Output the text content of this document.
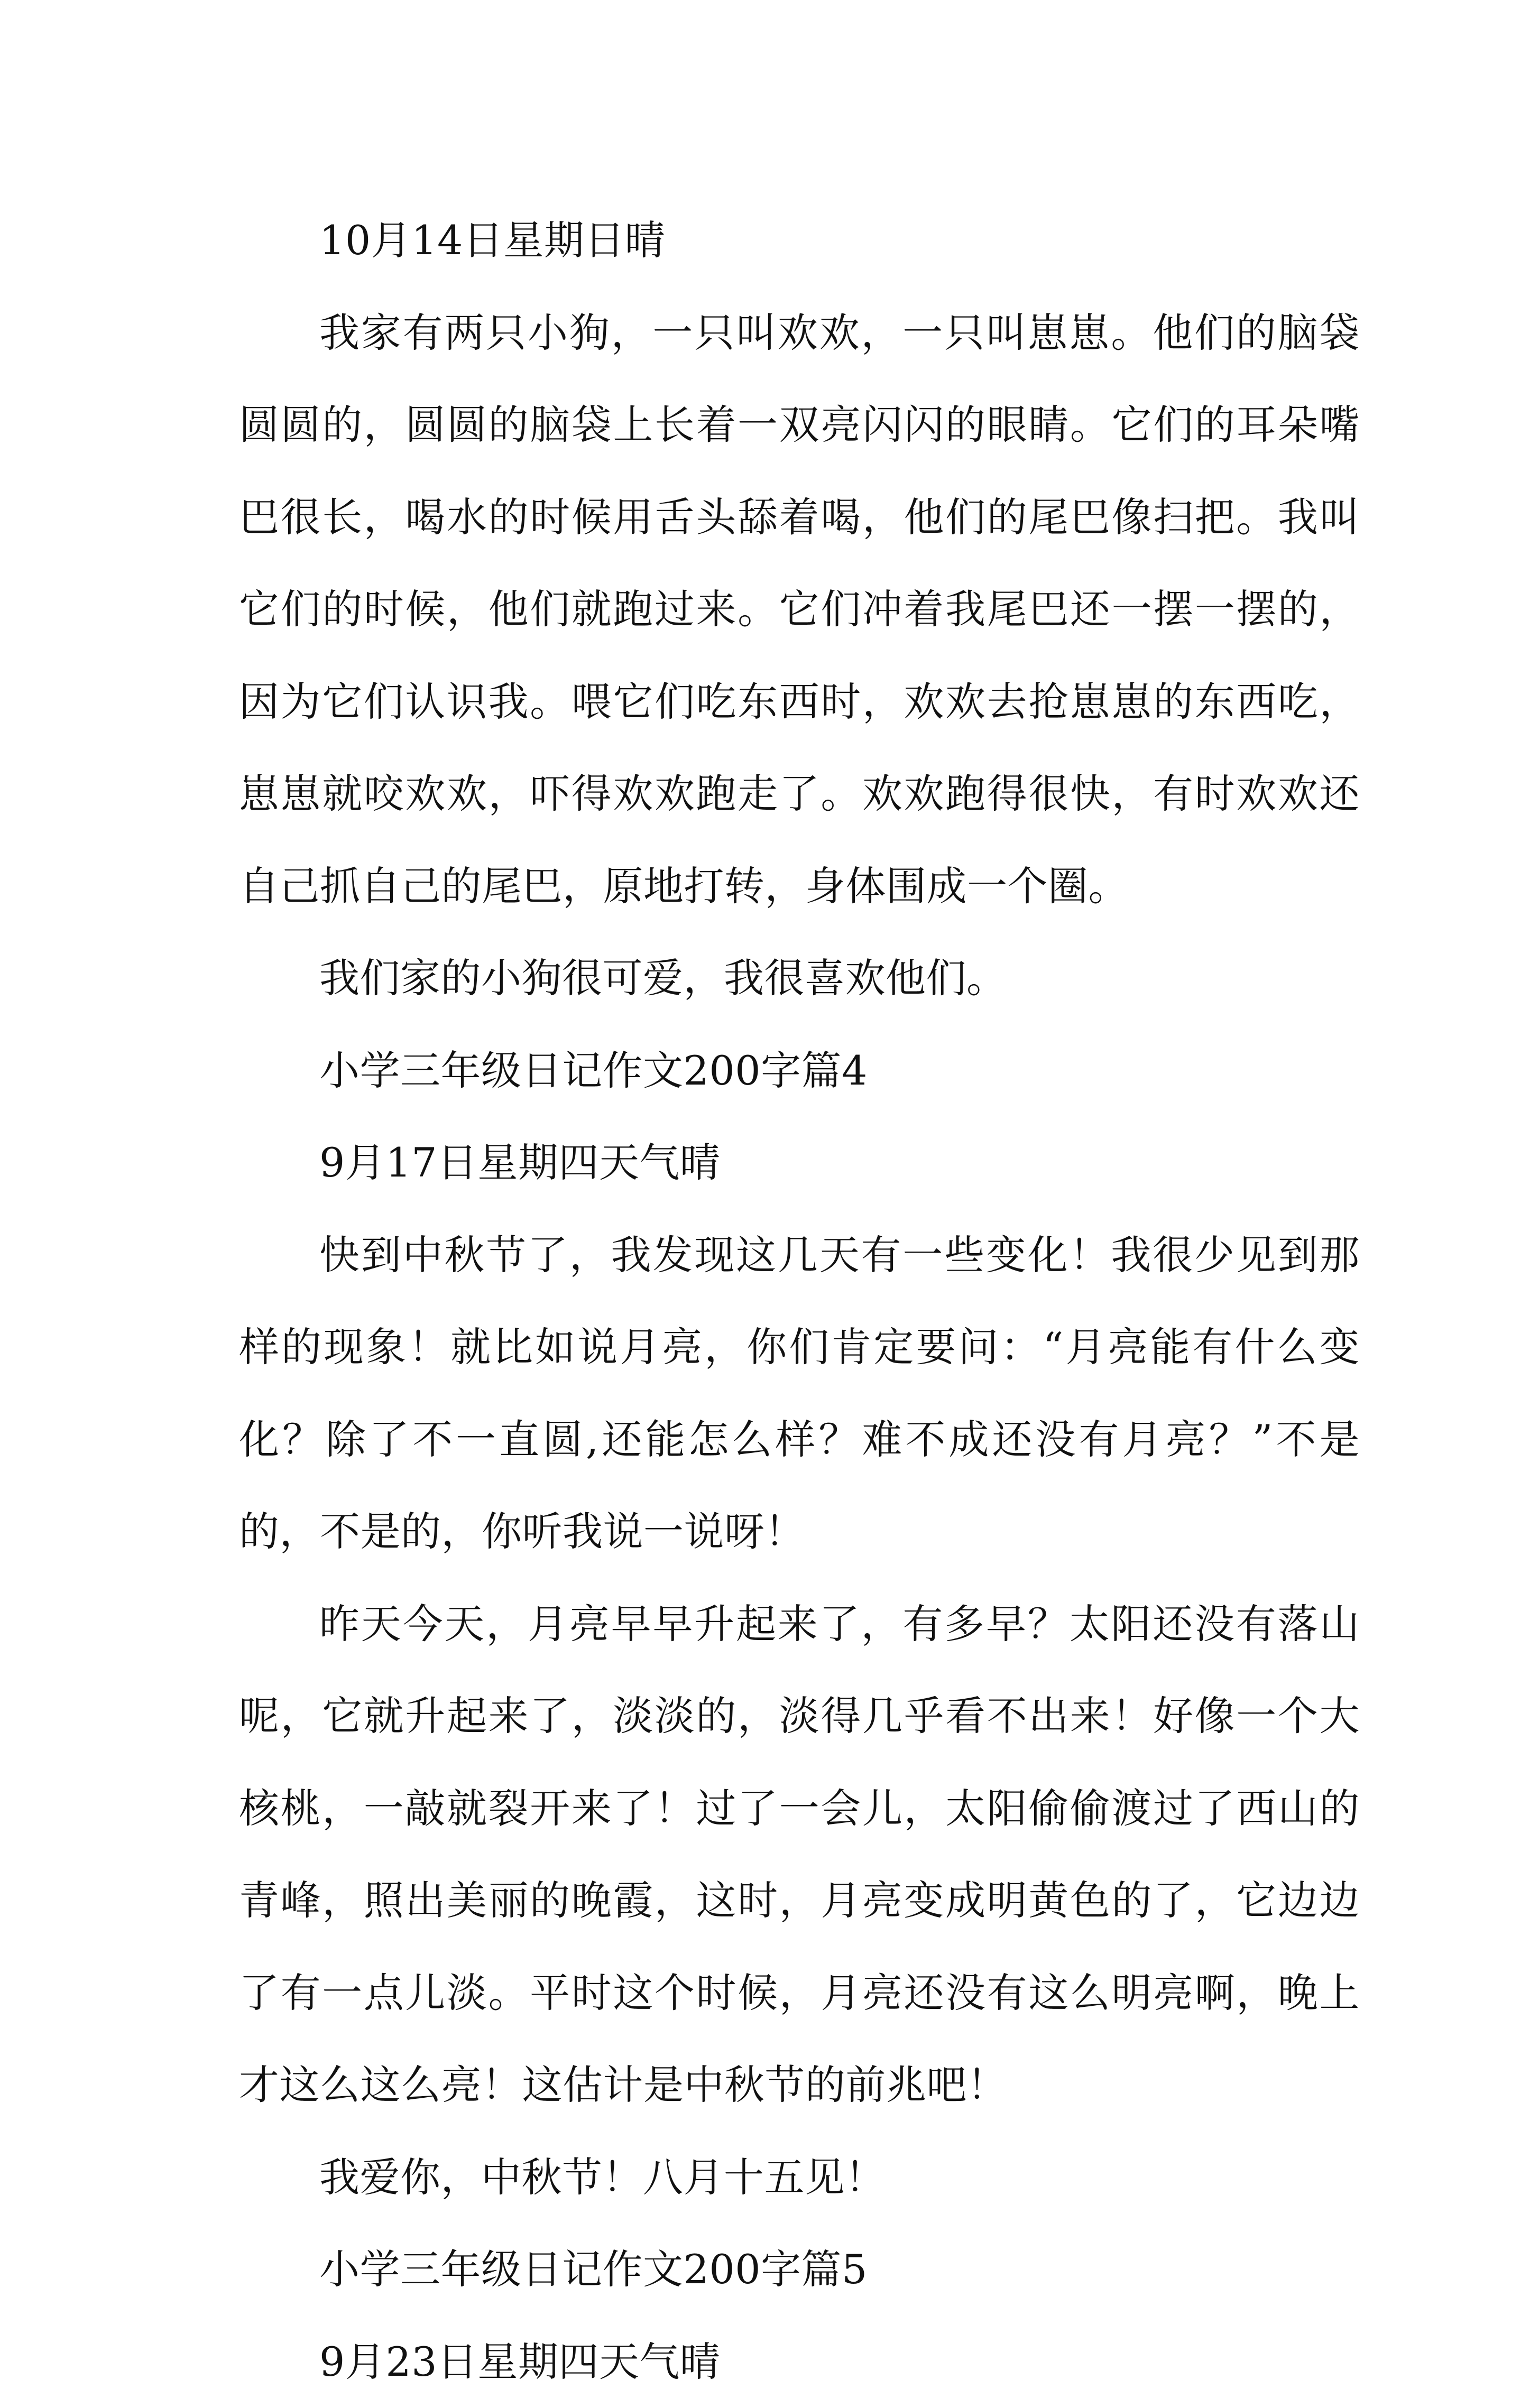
10月14日星期日晴

我家有两只小狗，一只叫欢欢，一只叫崽崽。他们的脑袋圆圆的，圆圆的脑袋上长着一双亮闪闪的眼睛。它们的耳朵嘴巴很长，喝水的时候用舌头舔着喝，他们的尾巴像扫把。我叫它们的时候，他们就跑过来。它们冲着我尾巴还一摆一摆的，因为它们认识我。喂它们吃东西时，欢欢去抢崽崽的东西吃，崽崽就咬欢欢，吓得欢欢跑走了。欢欢跑得很快，有时欢欢还自己抓自己的尾巴，原地打转，身体围成一个圈。

我们家的小狗很可爱，我很喜欢他们。

小学三年级日记作文200字篇4

9月17日星期四天气晴

快到中秋节了，我发现这几天有一些变化！我很少见到那样的现象！就比如说月亮，你们肯定要问：“月亮能有什么变化？除了不一直圆,还能怎么样？难不成还没有月亮？”不是的，不是的，你听我说一说呀！

昨天今天，月亮早早升起来了，有多早？太阳还没有落山呢，它就升起来了，淡淡的，淡得几乎看不出来！好像一个大核桃，一敲就裂开来了！过了一会儿，太阳偷偷渡过了西山的青峰，照出美丽的晚霞，这时，月亮变成明黄色的了，它边边了有一点儿淡。平时这个时候，月亮还没有这么明亮啊，晚上才这么这么亮！这估计是中秋节的前兆吧！

我爱你，中秋节！八月十五见！

小学三年级日记作文200字篇5

9月23日星期四天气晴
